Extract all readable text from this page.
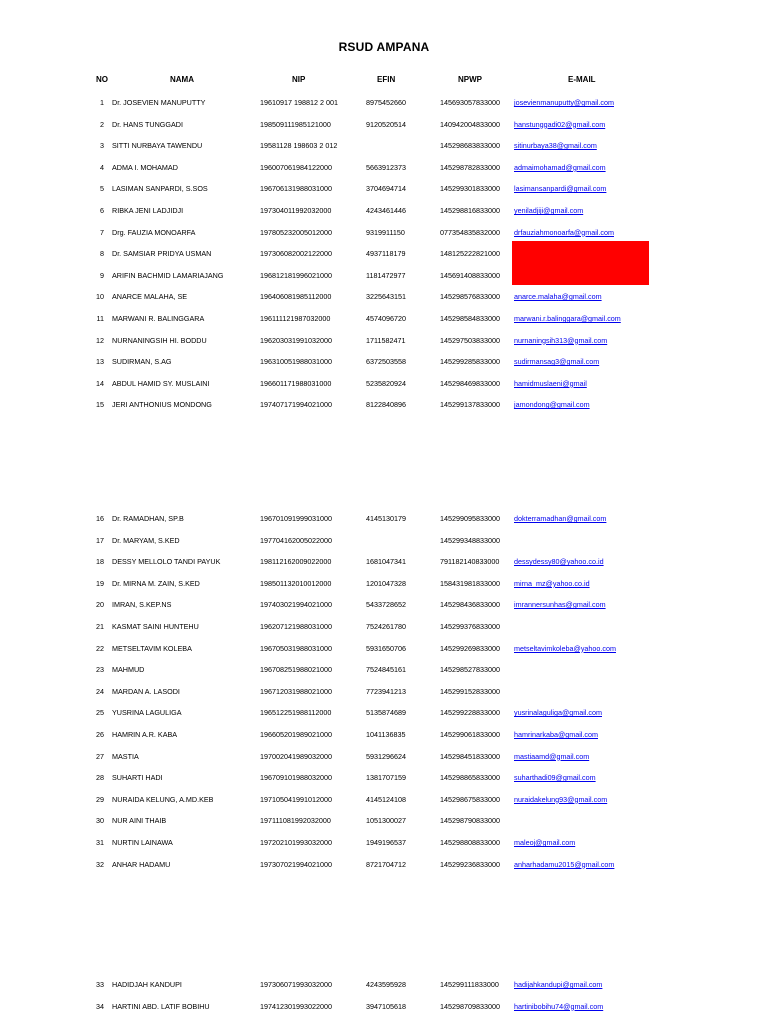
RSUD AMPANA
NO	NAMA	NIP	EFIN	NPWP	E-MAIL
1 Dr. JOSEVIEN MANUPUTTY	19610917 198812 2 001	8975452660	145693057833000 josevienmanuputty@gmail.com
2 Dr. HANS TUNGGADI	198509111985121000	9120520514	140942004833000 hanstunggadi02@gmail.com
3 SITTI NURBAYA TAWENDU	19581128 198603 2 012	145298683833000 sitinurbaya38@gmail.com
4 ADMA I. MOHAMAD	196007061984122000	5663912373	145298782833000 admaimohamad@gmail.com
5 LASIMAN SANPARDI, S.SOS	196706131988031000	3704694714	145299301833000 lasimansanpardi@gmail.com
6 RIBKA JENI LADJIDJI	197304011992032000	4243461446	145298816833000 yeniladjiji@gmail.com
7 Drg. FAUZIA MONOARFA	197805232005012000	9319911150	077354835832000 drfauziahmonoarfa@gmail.com
8 Dr. SAMSIAR PRIDYA USMAN	197306082002122000	4937118179	148125222821000
9 ARIFIN BACHMID LAMARIAJANG	196812181996021000	1181472977	145691408833000
10 ANARCE MALAHA, SE	196406081985112000	3225643151	145298576833000 anarce.malaha@gmail.com
11 MARWANI R. BALINGGARA	196111121987032000	4574096720	145298584833000 marwani.r.balinggara@gmail.com
12 NURNANINGSIH HI. BODDU	196203031991032000	1711582471	145297503833000 nurnaningsih313@gmail.com
13 SUDIRMAN, S.AG	196310051988031000	6372503558	145299285833000 sudirmansag3@gmail.com
14 ABDUL HAMID SY. MUSLAINI	196601171988031000	5235820924	145298469833000 hamidmuslaeni@gmail
15 JERI ANTHONIUS MONDONG	197407171994021000	8122840896	145299137833000 jamondong@gmail.com
16 Dr. RAMADHAN, SP.B	196701091999031000	4145130179	145299095833000 dokterramadhan@gmail.com
17 Dr. MARYAM, S.KED	197704162005022000	145299348833000
18 DESSY MELLOLO TANDI PAYUK	198112162009022000	1681047341	791182140833000 dessydessy80@yahoo.co.id
19 Dr. MIRNA M. ZAIN, S.KED	198501132010012000	1201047328	158431981833000 mirna_mz@yahoo.co.id
20 IMRAN, S.KEP.NS	197403021994021000	5433728652	145298436833000 imrannersunhas@gmail.com
21 KASMAT SAINI HUNTEHU	196207121988031000	7524261780	145299376833000
22 METSELTAVIM KOLEBA	196705031988031000	5931650706	145299269833000 metseltavimkoleba@yahoo.com
23 MAHMUD	196708251988021000	7524845161	145298527833000
24 MARDAN A. LASODI	196712031988021000	7723941213	145299152833000
25 YUSRINA LAGULIGA	196512251988112000	5135874689	145299228833000 yusrinalaguliga@gmail.com
26 HAMRIN A.R. KABA	196605201989021000	1041136835	145299061833000 hamrinarkaba@gmail.com
27 MASTIA	197002041989032000	5931296624	145298451833000 mastiaamd@gmail.com
28 SUHARTI HADI	196709101988032000	1381707159	145298865833000 suharthadi09@gmail.com
29 NURAIDA KELUNG, A.MD.KEB	197105041991012000	4145124108	145298675833000 nuraidakelung93@gmail.com
30 NUR AINI THAIB	197111081992032000	1051300027	145298790833000
31 NURTIN LAINAWA	197202101993032000	1949196537	145298808833000 maleoj@gmail.com
32 ANHAR HADAMU	197307021994021000	8721704712	145299236833000 anharhadamu2015@gmail.com
33 HADIDJAH KANDUPI	197306071993032000	4243595928	145299111833000 hadijahkandupi@gmail.com
34 HARTINI ABD. LATIF BOBIHU	197412301993022000	3947105618	145298709833000 hartinibobihu74@gmail.com
